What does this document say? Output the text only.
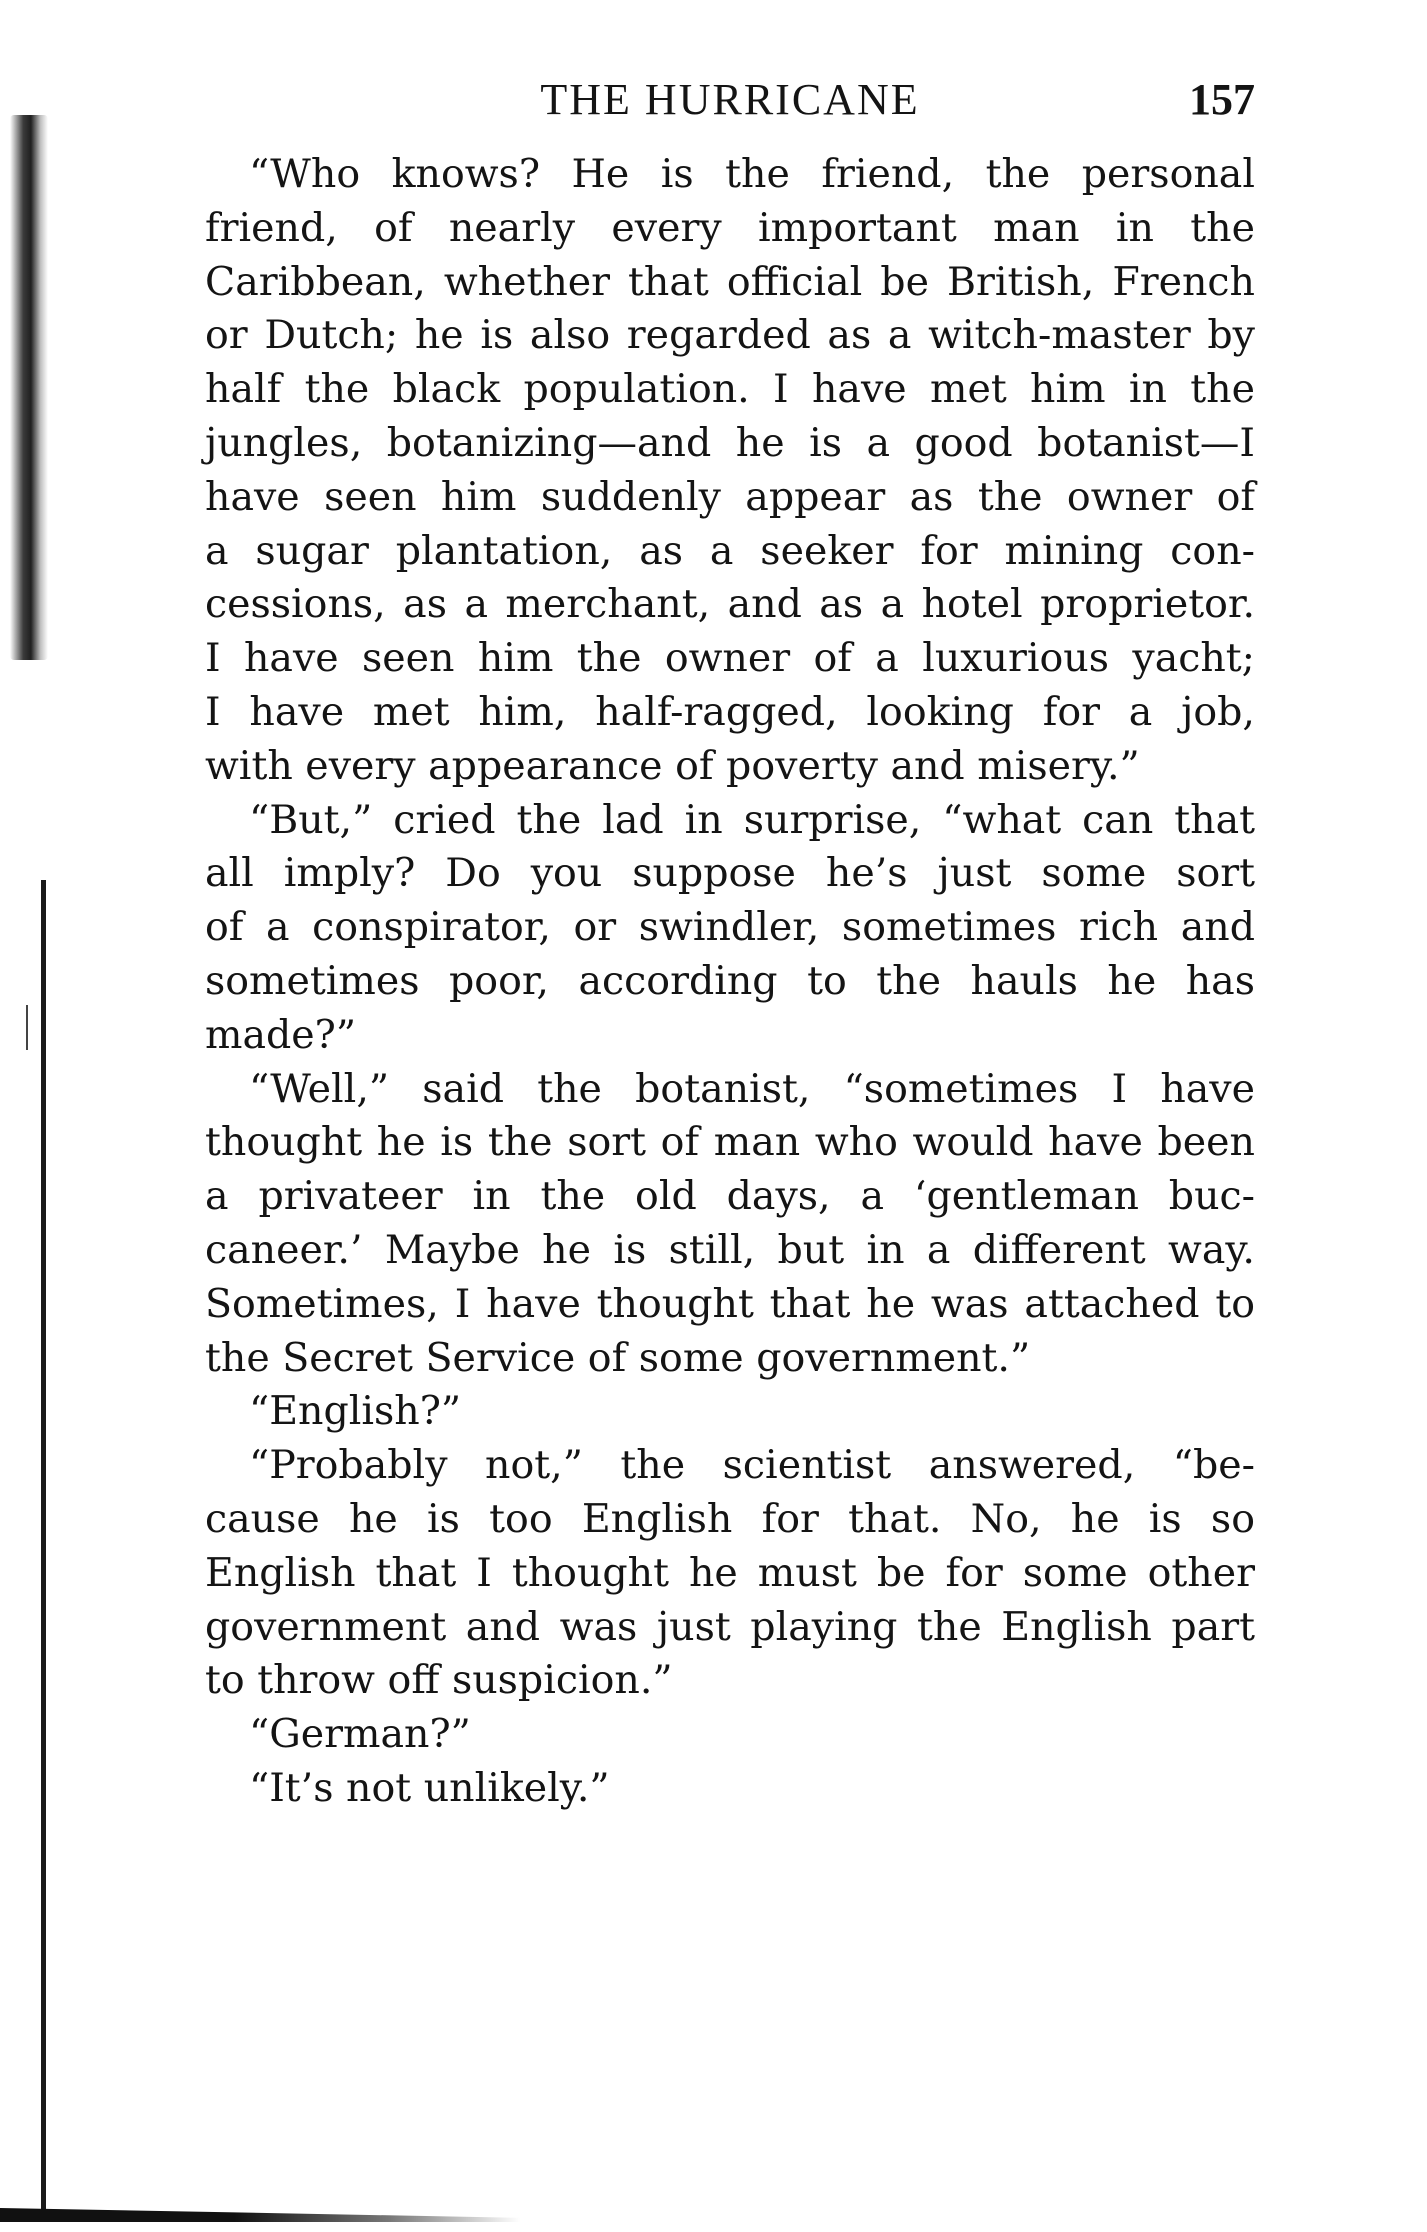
THE HURRICANE	157
“Who knows? He is the friend, the personal
friend, of nearly every important man in the
Caribbean, whether that official be British, French
or Dutch; he is also regarded as a witch-master by
half the black population. I have met him in the
jungles, botanizing—and he is a good botanist—I
have seen him suddenly appear as the owner of
a sugar plantation, as a seeker for mining con-
cessions, as a merchant, and as a hotel proprietor.
I have seen him the owner of a luxurious yacht;
I have met him, half-ragged, looking for a job,
with every appearance of poverty and misery.”
“But,” cried the lad in surprise, “what can that
all imply? Do you suppose he’s just some sort
of a conspirator, or swindler, sometimes rich and
sometimes poor, according to the hauls he has
made?”
“Well,” said the botanist, “sometimes I have
thought he is the sort of man who would have been
a privateer in the old days, a ‘gentleman buc-
caneer.’ Maybe he is still, but in a different way.
Sometimes, I have thought that he was attached to
the Secret Service of some government.”
“English?”
“Probably not,” the scientist answered, “be-
cause he is too English for that. No, he is so
English that I thought he must be for some other
government and was just playing the English part
to throw off suspicion.”
“German?”
“It’s not unlikely.”
